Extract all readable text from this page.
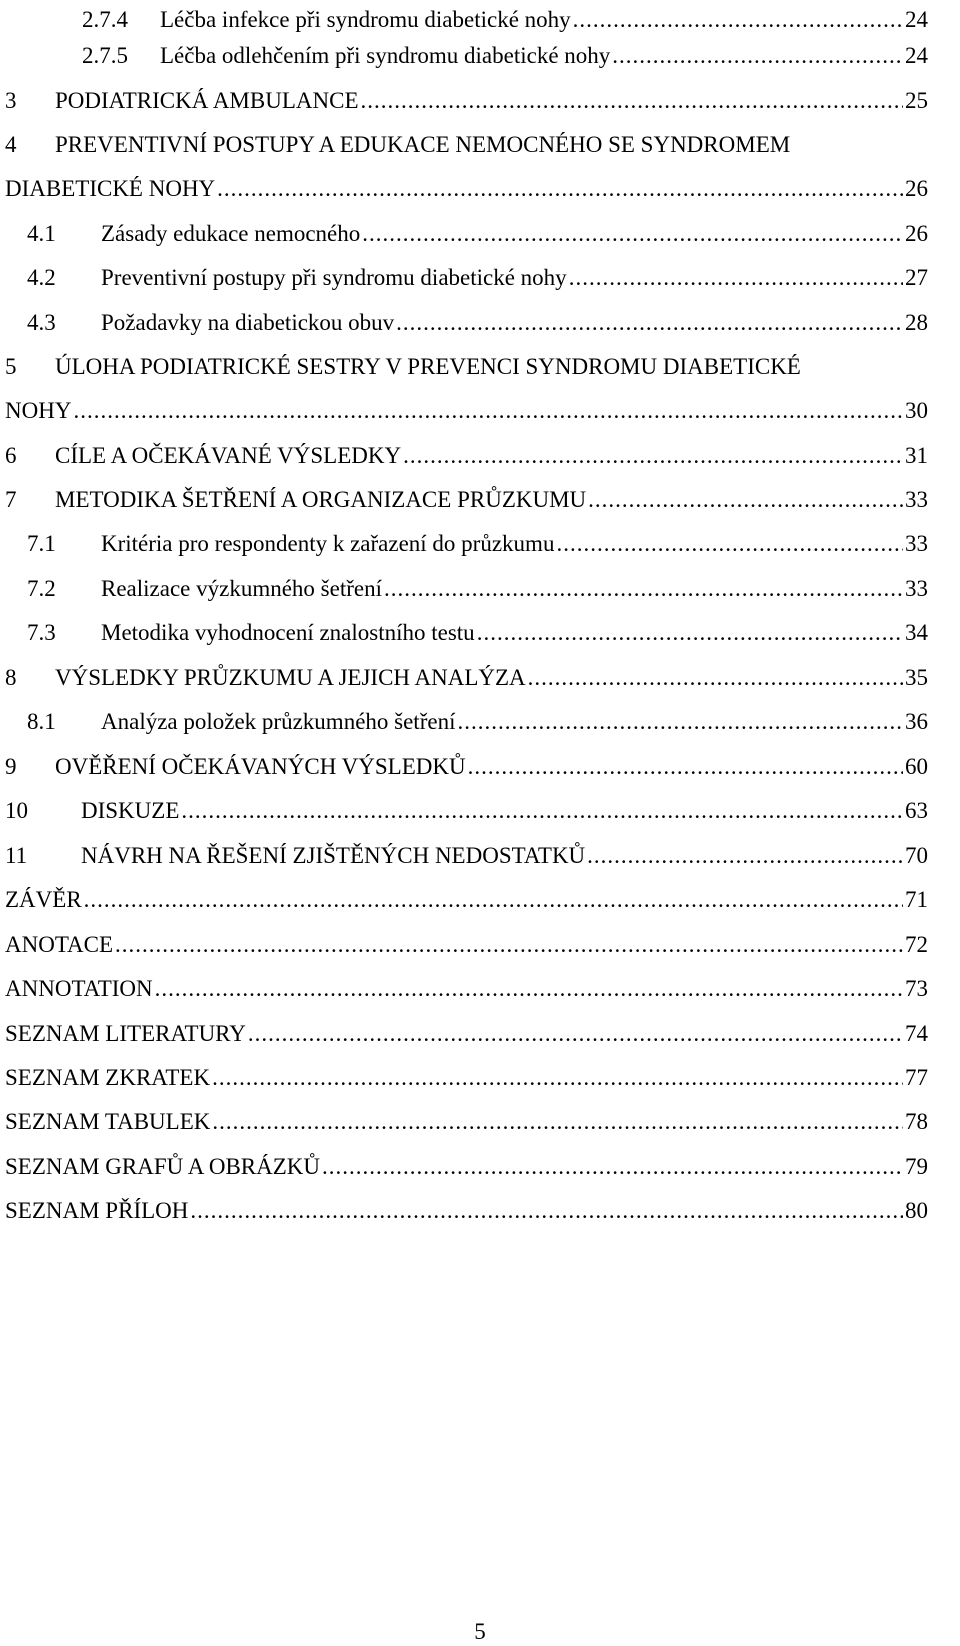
2.7.4	Léčba infekce při syndromu diabetické nohy .....	24
2.7.5	Léčba odlehčením při syndromu diabetické nohy .....	24
3	PODIATRICKÁ AMBULANCE .....	25
4 PREVENTIVNÍ POSTUPY A EDUKACE NEMOCNÉHO SE SYNDROMEM
DIABETICKÉ NOHY .....	26
4.1	Zásady edukace nemocného .....	26
4.2	Preventivní postupy při syndromu diabetické nohy .....	27
4.3	Požadavky na diabetickou obuv .....	28
5 ÚLOHA PODIATRICKÉ SESTRY V PREVENCI SYNDROMU DIABETICKÉ
NOHY .....	30
6	CÍLE A OČEKÁVANÉ VÝSLEDKY .....	31
7	METODIKA ŠETŘENÍ A ORGANIZACE PRŮZKUMU .....	33
7.1	Kritéria pro respondenty k zařazení do průzkumu .....	33
7.2	Realizace výzkumného šetření .....	33
7.3	Metodika vyhodnocení znalostního testu .....	34
8	VÝSLEDKY PRŮZKUMU A JEJICH ANALÝZA .....	35
8.1	Analýza položek průzkumného šetření .....	36
9	OVĚŘENÍ OČEKÁVANÝCH VÝSLEDKŮ .....	60
10	DISKUZE .....	63
11	NÁVRH NA ŘEŠENÍ ZJIŠTĚNÝCH NEDOSTATKŮ .....	70
ZÁVĚR .....	71
ANOTACE .....	72
ANNOTATION .....	73
SEZNAM LITERATURY .....	74
SEZNAM ZKRATEK .....	77
SEZNAM TABULEK .....	78
SEZNAM GRAFŮ A OBRÁZKŮ .....	79
SEZNAM PŘÍLOH .....	80
5
